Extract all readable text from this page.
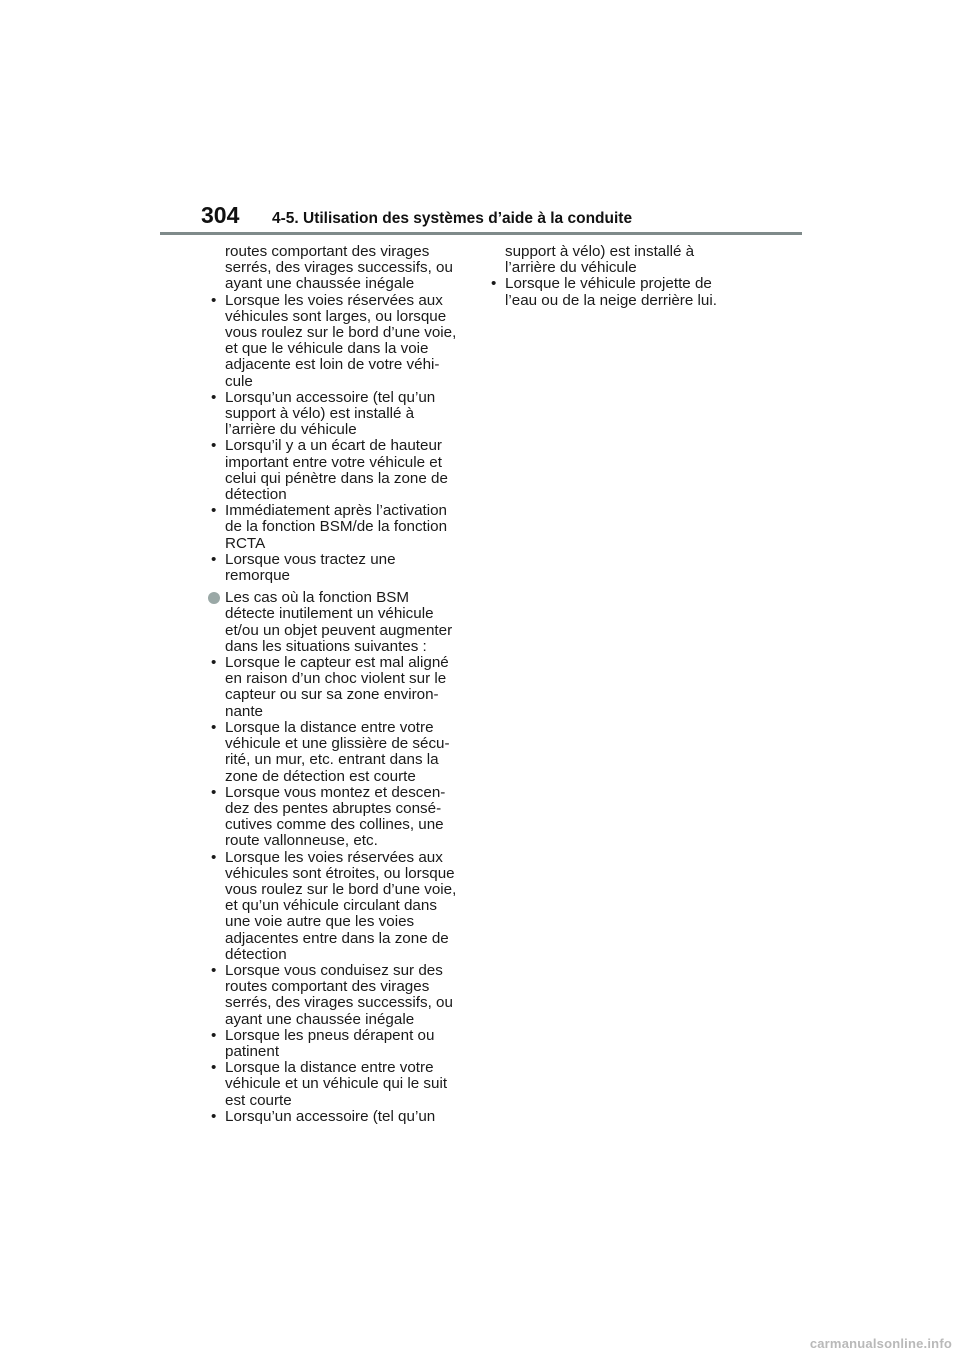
304 4-5. Utilisation des systèmes d’aide à la conduite
routes comportant des virages
serrés, des virages successifs, ou
ayant une chaussée inégale
• Lorsque les voies réservées aux
véhicules sont larges, ou lorsque
vous roulez sur le bord d’une voie,
et que le véhicule dans la voie
adjacente est loin de votre véhi-
cule
• Lorsqu’un accessoire (tel qu’un
support à vélo) est installé à
l’arrière du véhicule
• Lorsqu’il y a un écart de hauteur
important entre votre véhicule et
celui qui pénètre dans la zone de
détection
• Immédiatement après l’activation
de la fonction BSM/de la fonction
RCTA
• Lorsque vous tractez une
remorque
Les cas où la fonction BSM
détecte inutilement un véhicule
et/ou un objet peuvent augmenter
dans les situations suivantes :
• Lorsque le capteur est mal aligné
en raison d’un choc violent sur le
capteur ou sur sa zone environ-
nante
• Lorsque la distance entre votre
véhicule et une glissière de sécu-
rité, un mur, etc. entrant dans la
zone de détection est courte
• Lorsque vous montez et descen-
dez des pentes abruptes consé-
cutives comme des collines, une
route vallonneuse, etc.
• Lorsque les voies réservées aux
véhicules sont étroites, ou lorsque
vous roulez sur le bord d’une voie,
et qu’un véhicule circulant dans
une voie autre que les voies
adjacentes entre dans la zone de
détection
• Lorsque vous conduisez sur des
routes comportant des virages
serrés, des virages successifs, ou
ayant une chaussée inégale
• Lorsque les pneus dérapent ou
patinent
• Lorsque la distance entre votre
véhicule et un véhicule qui le suit
est courte
• Lorsqu’un accessoire (tel qu’un
support à vélo) est installé à
l’arrière du véhicule
• Lorsque le véhicule projette de
l’eau ou de la neige derrière lui.
carmanualsonline.info
